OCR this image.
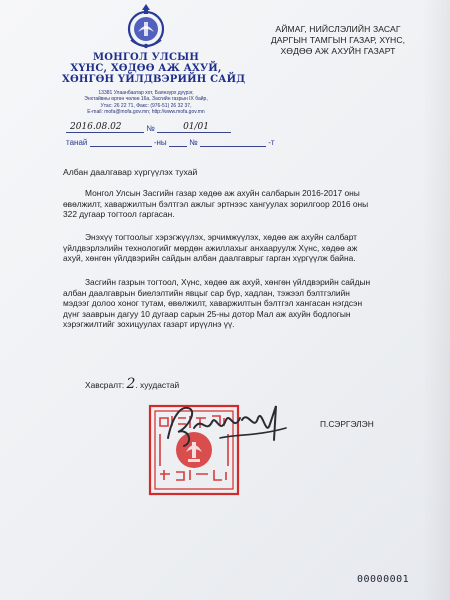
МОНГОЛ УЛСЫН
ХҮНС, ХӨДӨӨ АЖ АХУЙ,
ХӨНГӨН ҮЙЛДВЭРИЙН САЙД
13381 Улаанбаатар хот, Баянзүрх дүүрэг,
Энхтайвны өргөн чөлөө 16а, Засгийн газрын IX байр,
Утас: 26 22 71, Факс: (976-51) 26 32 37,
E-mail: mofa@mofa.gov.mn; http://www.mofa.gov.mn
АЙМАГ, НИЙСЛЭЛИЙН ЗАСАГ
ДАРГЫН ТАМГЫН ГАЗАР, ХҮНС,
ХӨДӨӨ АЖ АХУЙН ГАЗАРТ
2016.08.02	№	01/01
танай	-ны	№	-т
Албан даалгавар хүргүүлэх тухай
Монгол Улсын Засгийн газар хөдөө аж ахуйн салбарын 2016-2017 оны
өвөлжилт, хаваржилтын бэлтгэл ажлыг эртнээс хангуулах зорилгоор 2016 оны
322 дугаар тогтоол гаргасан.
Энэхүү тогтоолыг хэрэгжүүлэх, эрчимжүүлэх, хөдөө аж ахуйн салбарт
үйлдвэрлэлийн технологийг мөрдөн ажиллахыг анхааруулж Хүнс, хөдөө аж
ахуй, хөнгөн үйлдвэрийн сайдын албан даалгаврыг гарган хүргүүлж байна.
Засгийн газрын тогтоол, Хүнс, хөдөө аж ахуй, хөнгөн үйлдвэрийн сайдын
албан даалгаврын биелэлтийн явцыг сар бүр, хадлан, тэжээл бэлтгэлийн
мэдээг долоо хоног тутам, өвөлжилт, хаваржилтын бэлтгэл хангасан нэгдсэн
дүнг зааврын дагуу 10 дугаар сарын 25-ны дотор Мал аж ахуйн бодлогын
хэрэгжилтийг зохицуулах газарт ирүүлнэ үү.
Хавсралт: 2. хуудастай
П.СЭРГЭЛЭН
00000001
